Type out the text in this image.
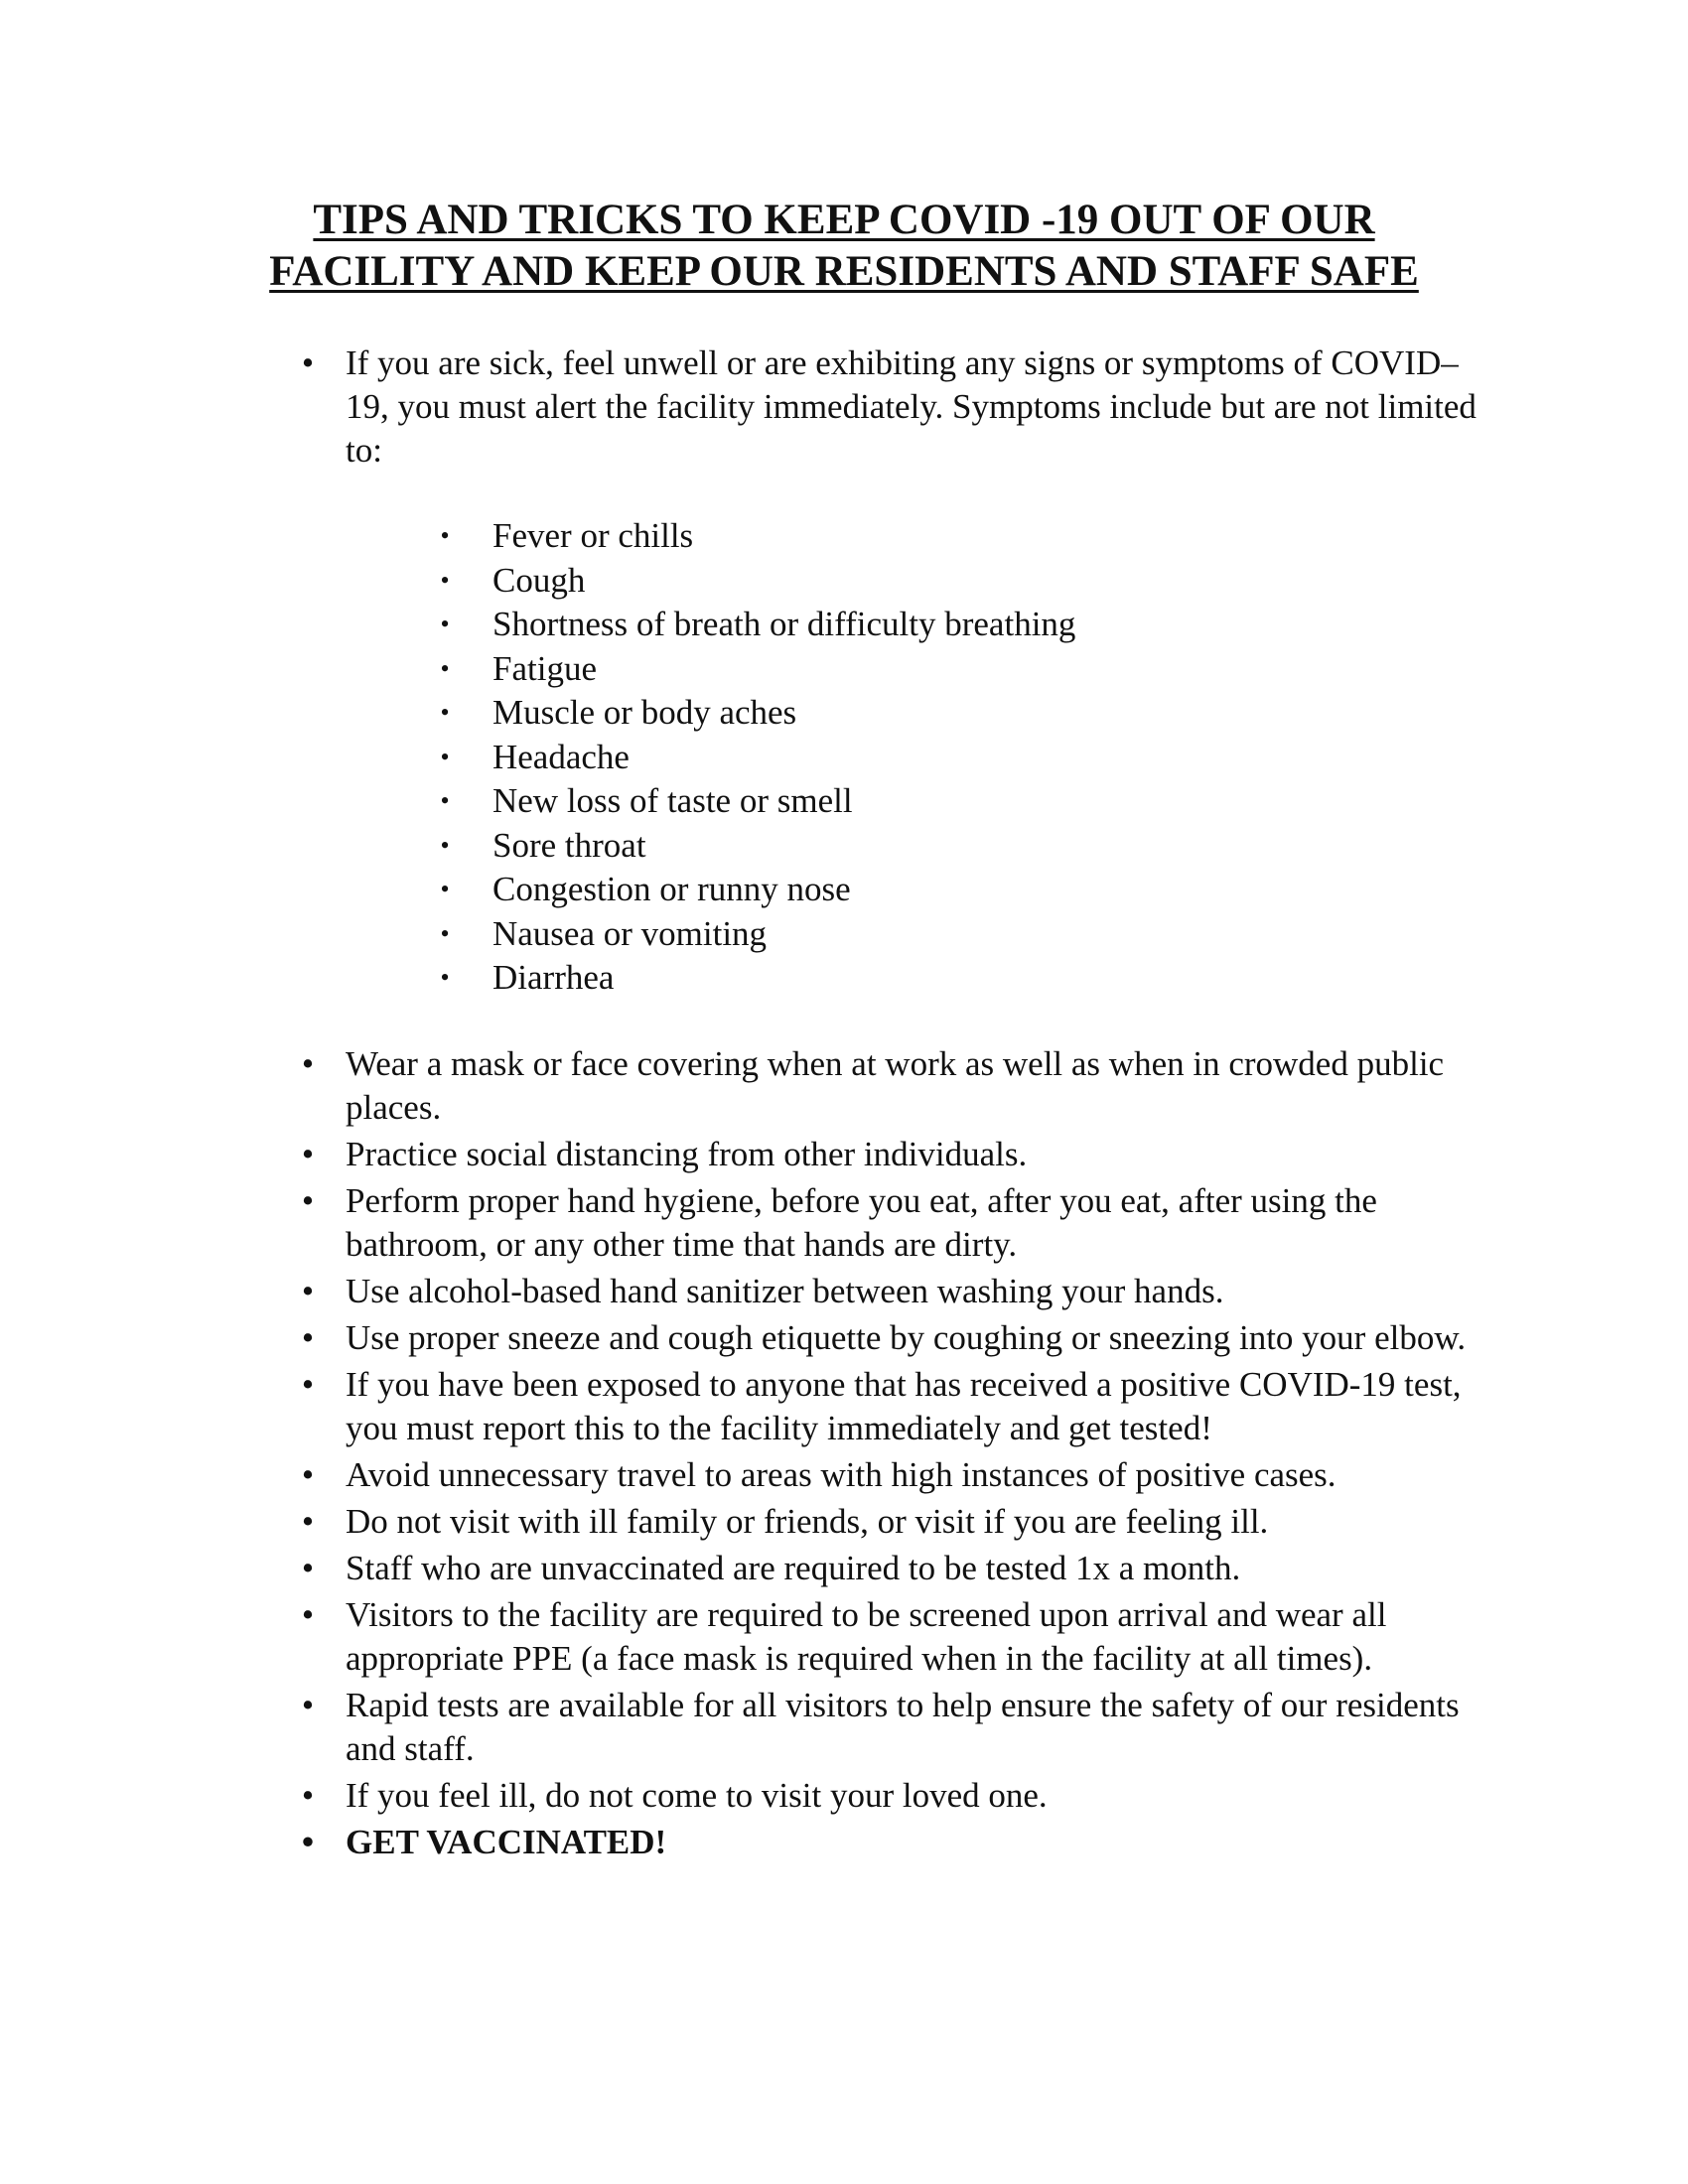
TIPS AND TRICKS TO KEEP COVID -19 OUT OF OUR
FACILITY AND KEEP OUR RESIDENTS AND STAFF SAFE
• If you are sick, feel unwell or are exhibiting any signs or symptoms of COVID–19, you must alert the facility immediately. Symptoms include but are not limited to:
• Fever or chills
• Cough
• Shortness of breath or difficulty breathing
• Fatigue
• Muscle or body aches
• Headache
• New loss of taste or smell
• Sore throat
• Congestion or runny nose
• Nausea or vomiting
• Diarrhea
• Wear a mask or face covering when at work as well as when in crowded public places.
• Practice social distancing from other individuals.
• Perform proper hand hygiene, before you eat, after you eat, after using the bathroom, or any other time that hands are dirty.
• Use alcohol-based hand sanitizer between washing your hands.
• Use proper sneeze and cough etiquette by coughing or sneezing into your elbow.
• If you have been exposed to anyone that has received a positive COVID-19 test, you must report this to the facility immediately and get tested!
• Avoid unnecessary travel to areas with high instances of positive cases.
• Do not visit with ill family or friends, or visit if you are feeling ill.
• Staff who are unvaccinated are required to be tested 1x a month.
• Visitors to the facility are required to be screened upon arrival and wear all appropriate PPE (a face mask is required when in the facility at all times).
• Rapid tests are available for all visitors to help ensure the safety of our residents and staff.
• If you feel ill, do not come to visit your loved one.
• GET VACCINATED!
